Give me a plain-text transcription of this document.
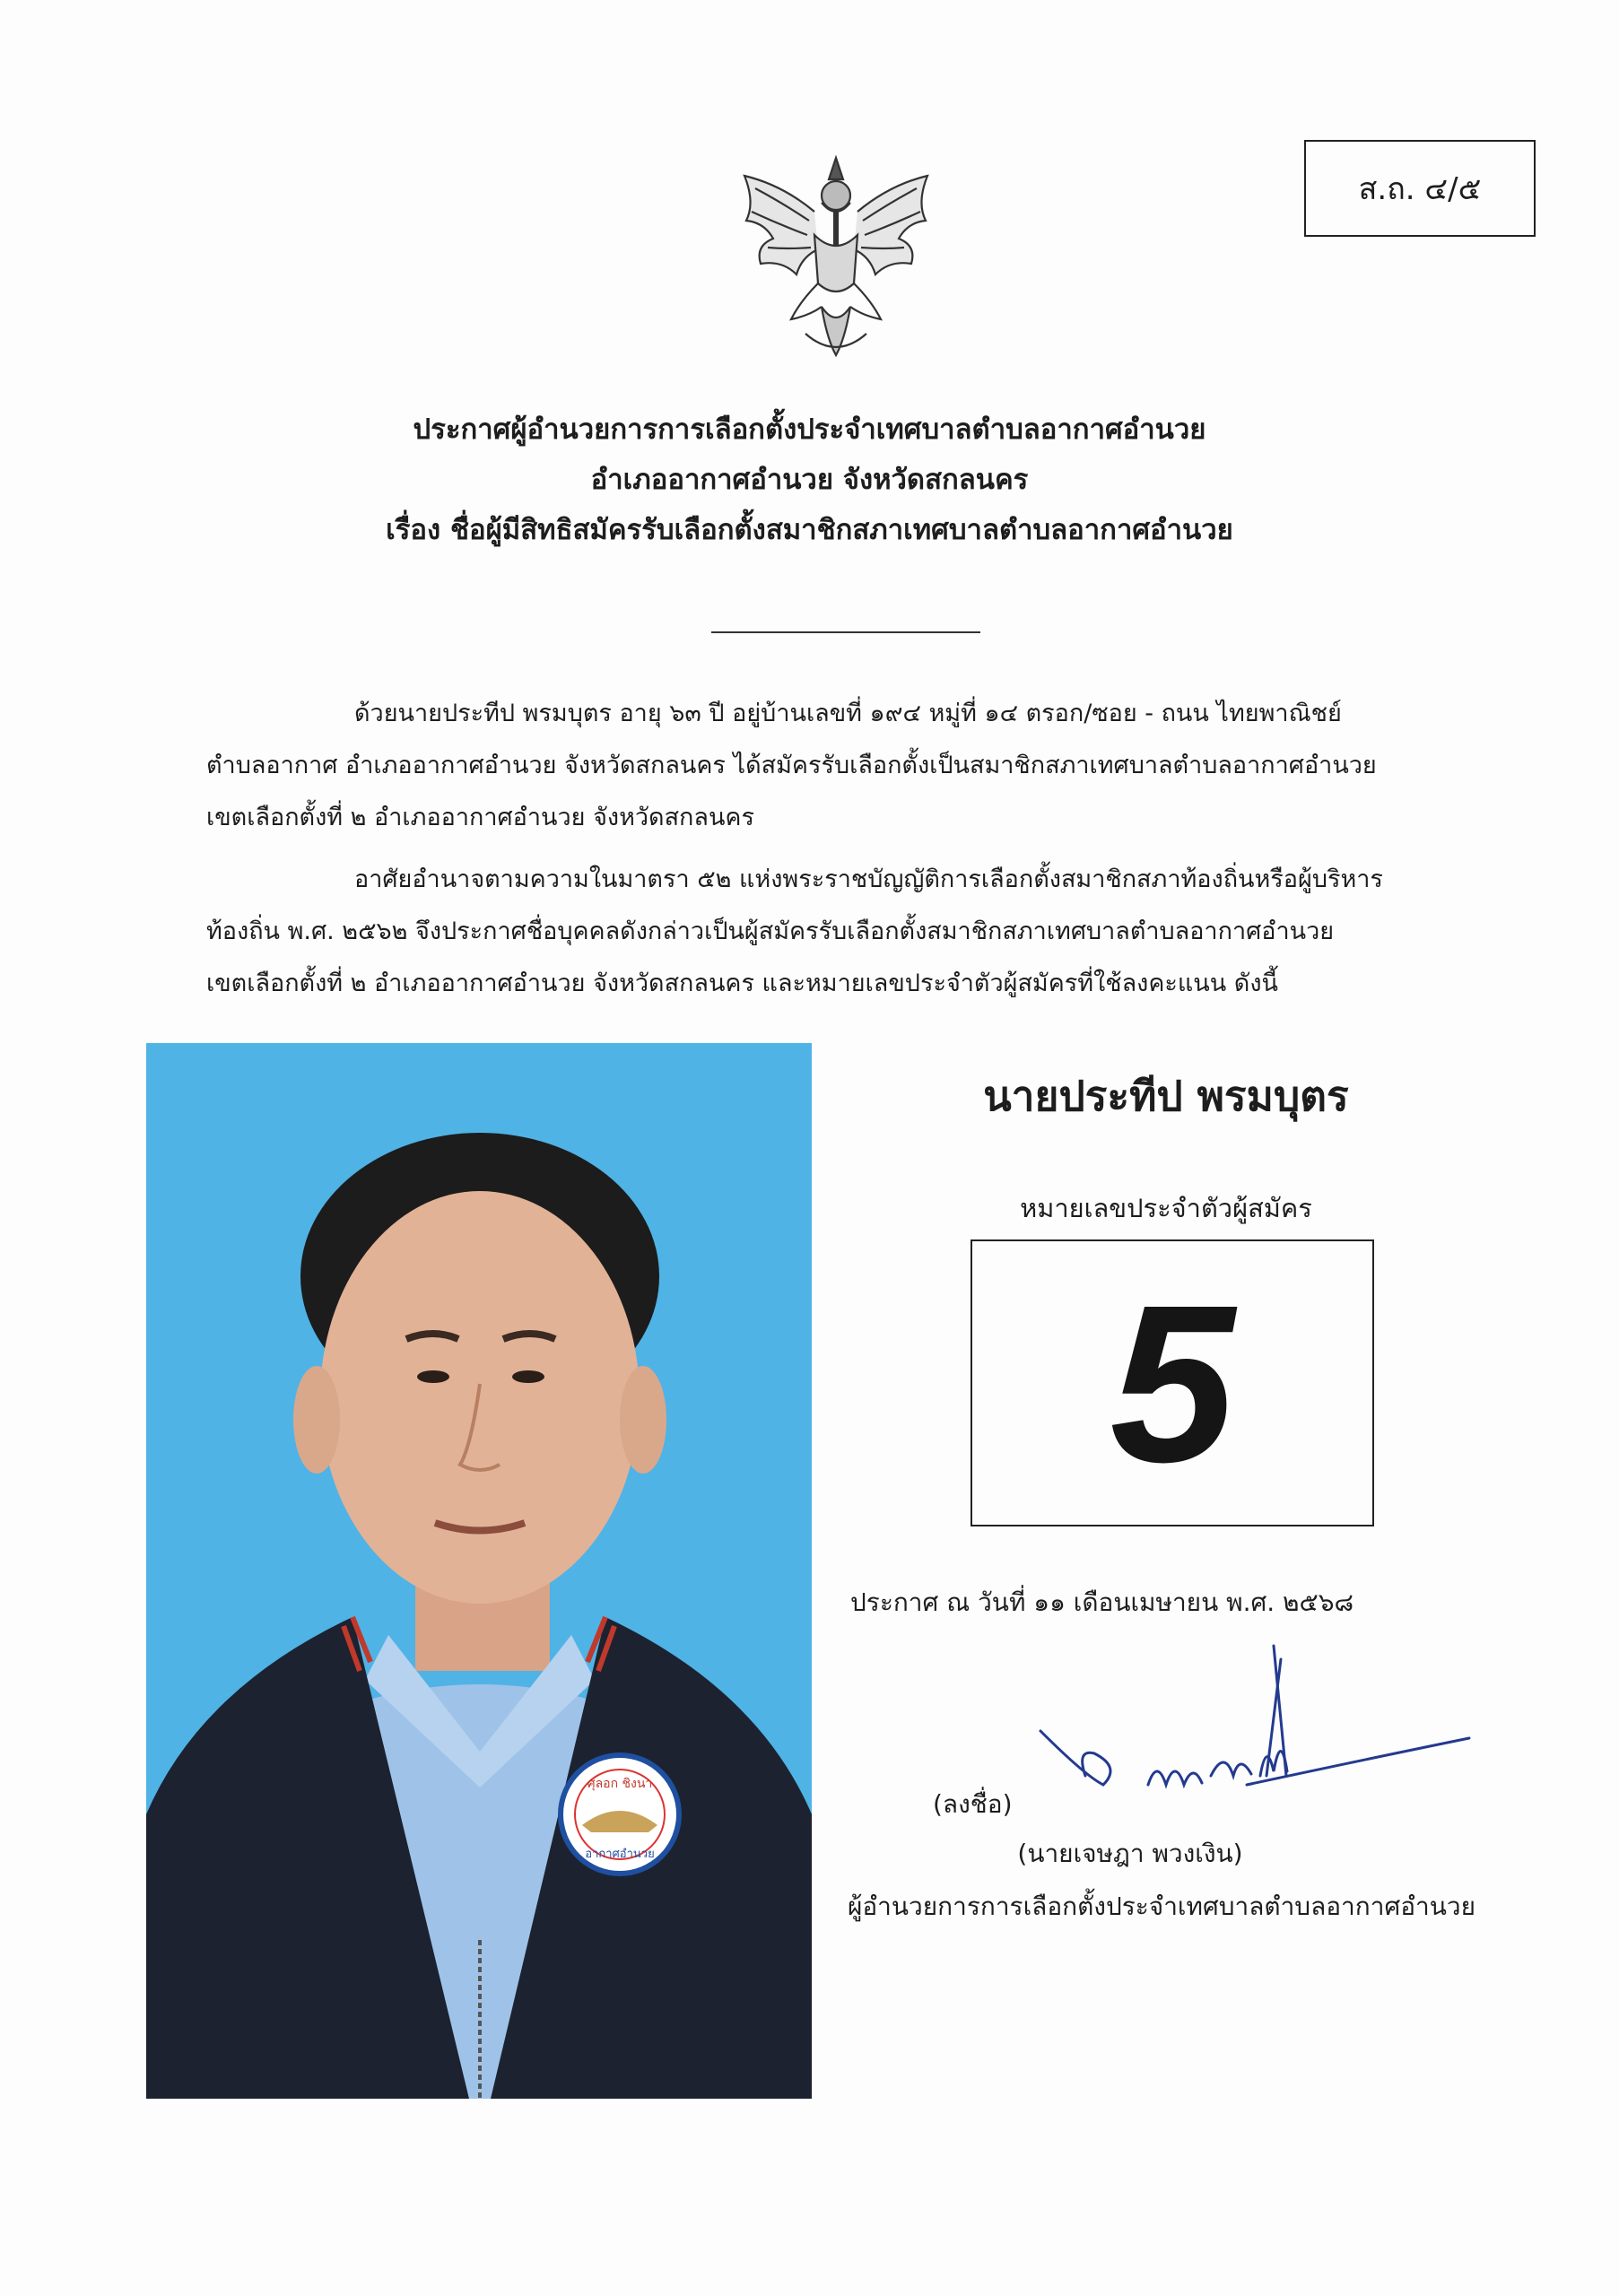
ส.ถ. ๔/๕
ประกาศผู้อำนวยการการเลือกตั้งประจำเทศบาลตำบลอากาศอำนวย
อำเภออากาศอำนวย จังหวัดสกลนคร
เรื่อง ชื่อผู้มีสิทธิสมัครรับเลือกตั้งสมาชิกสภาเทศบาลตำบลอากาศอำนวย
ด้วยนายประทีป พรมบุตร อายุ ๖๓ ปี อยู่บ้านเลขที่ ๑๙๔ หมู่ที่ ๑๔ ตรอก/ซอย - ถนน ไทยพาณิชย์
ตำบลอากาศ อำเภออากาศอำนวย จังหวัดสกลนคร ได้สมัครรับเลือกตั้งเป็นสมาชิกสภาเทศบาลตำบลอากาศอำนวย
เขตเลือกตั้งที่ ๒ อำเภออากาศอำนวย จังหวัดสกลนคร
อาศัยอำนาจตามความในมาตรา ๕๒ แห่งพระราชบัญญัติการเลือกตั้งสมาชิกสภาท้องถิ่นหรือผู้บริหาร
ท้องถิ่น พ.ศ. ๒๕๖๒ จึงประกาศชื่อบุคคลดังกล่าวเป็นผู้สมัครรับเลือกตั้งสมาชิกสภาเทศบาลตำบลอากาศอำนวย
เขตเลือกตั้งที่ ๒ อำเภออากาศอำนวย จังหวัดสกลนคร และหมายเลขประจำตัวผู้สมัครที่ใช้ลงคะแนน ดังนี้
ศุลอก ชิงนา
อากาศอำนวย
นายประทีป พรมบุตร
หมายเลขประจำตัวผู้สมัคร
5
ประกาศ ณ วันที่ ๑๑ เดือนเมษายน พ.ศ. ๒๕๖๘
(ลงชื่อ)
(นายเจษฎา พวงเงิน)
ผู้อำนวยการการเลือกตั้งประจำเทศบาลตำบลอากาศอำนวย
